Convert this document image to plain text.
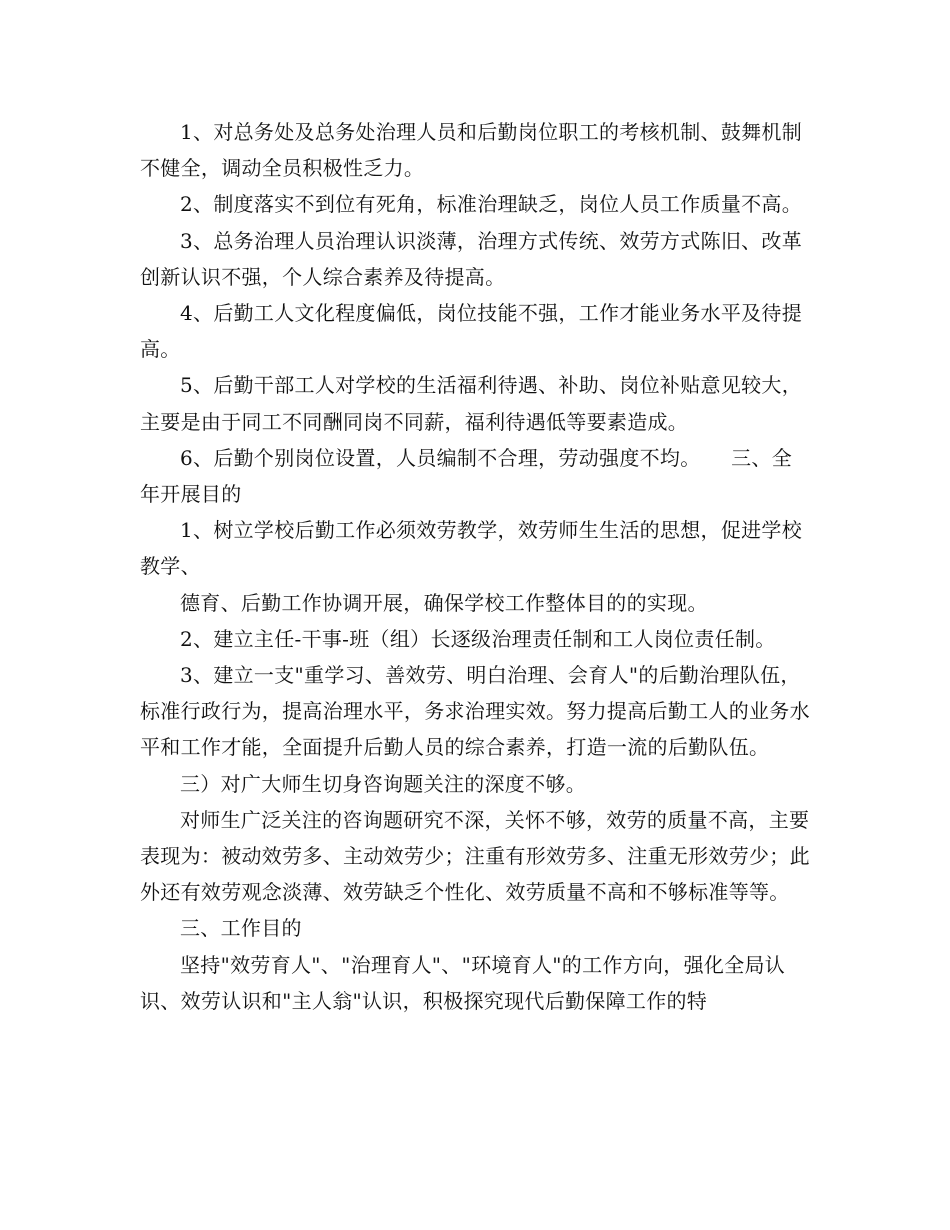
1、对总务处及总务处治理人员和后勤岗位职工的考核机制、鼓舞机制不健全，调动全员积极性乏力。

2、制度落实不到位有死角，标准治理缺乏，岗位人员工作质量不高。

3、总务治理人员治理认识淡薄，治理方式传统、效劳方式陈旧、改革创新认识不强，个人综合素养及待提高。

4、后勤工人文化程度偏低，岗位技能不强，工作才能业务水平及待提高。

5、后勤干部工人对学校的生活福利待遇、补助、岗位补贴意见较大，主要是由于同工不同酬同岗不同薪，福利待遇低等要素造成。

6、后勤个别岗位设置，人员编制不合理，劳动强度不均。　　三、全年开展目的

1、树立学校后勤工作必须效劳教学，效劳师生生活的思想，促进学校教学、

德育、后勤工作协调开展，确保学校工作整体目的的实现。

2、建立主任-干事-班（组）长逐级治理责任制和工人岗位责任制。

3、建立一支"重学习、善效劳、明白治理、会育人"的后勤治理队伍，标准行政行为，提高治理水平，务求治理实效。努力提高后勤工人的业务水平和工作才能，全面提升后勤人员的综合素养，打造一流的后勤队伍。

三）对广大师生切身咨询题关注的深度不够。

对师生广泛关注的咨询题研究不深，关怀不够，效劳的质量不高，主要表现为：被动效劳多、主动效劳少；注重有形效劳多、注重无形效劳少；此外还有效劳观念淡薄、效劳缺乏个性化、效劳质量不高和不够标准等等。

三、工作目的

坚持"效劳育人"、"治理育人"、"环境育人"的工作方向，强化全局认识、效劳认识和"主人翁"认识，积极探究现代后勤保障工作的特
